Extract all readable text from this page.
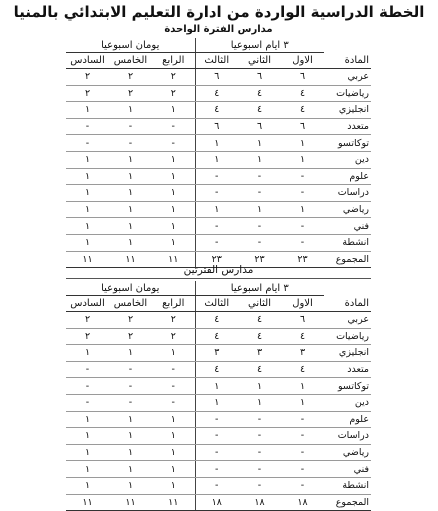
الخطة الدراسية الواردة من ادارة التعليم الابتدائي بالمنيا
مدارس الفترة الواحدة
	٣ ايام اسبوعيا			يومان اسبوعيا		
المادة	الاول	الثاني	الثالث	الرابع	الخامس	السادس
عربي	٦	٦	٦	٢	٢	٢
رياضيات	٤	٤	٤	٢	٢	٢
انجليزي	٤	٤	٤	١	١	١
متعدد	٦	٦	٦	-	-	-
توكاتسو	١	١	١	-	-	-
دين	١	١	١	١	١	١
علوم	-	-	-	١	١	١
دراسات	-	-	-	١	١	١
رياضي	١	١	١	١	١	١
فني	-	-	-	١	١	١
انشطة	-	-	-	١	١	١
المجموع	٢٣	٢٣	٢٣	١١	١١	١١
مدارس الفترتين
	٣ ايام اسبوعيا			يومان اسبوعيا		
المادة	الاول	الثاني	الثالث	الرابع	الخامس	السادس
عربي	٦	٤	٤	٢	٢	٢
رياضيات	٤	٤	٤	٢	٢	٢
انجليزي	٣	٣	٣	١	١	١
متعدد	٤	٤	٤	-	-	-
توكاتسو	١	١	١	-	-	-
دين	١	١	١	-	-	-
علوم	-	-	-	١	١	١
دراسات	-	-	-	١	١	١
رياضي	-	-	-	١	١	١
فني	-	-	-	١	١	١
انشطة	-	-	-	١	١	١
المجموع	١٨	١٨	١٨	١١	١١	١١
